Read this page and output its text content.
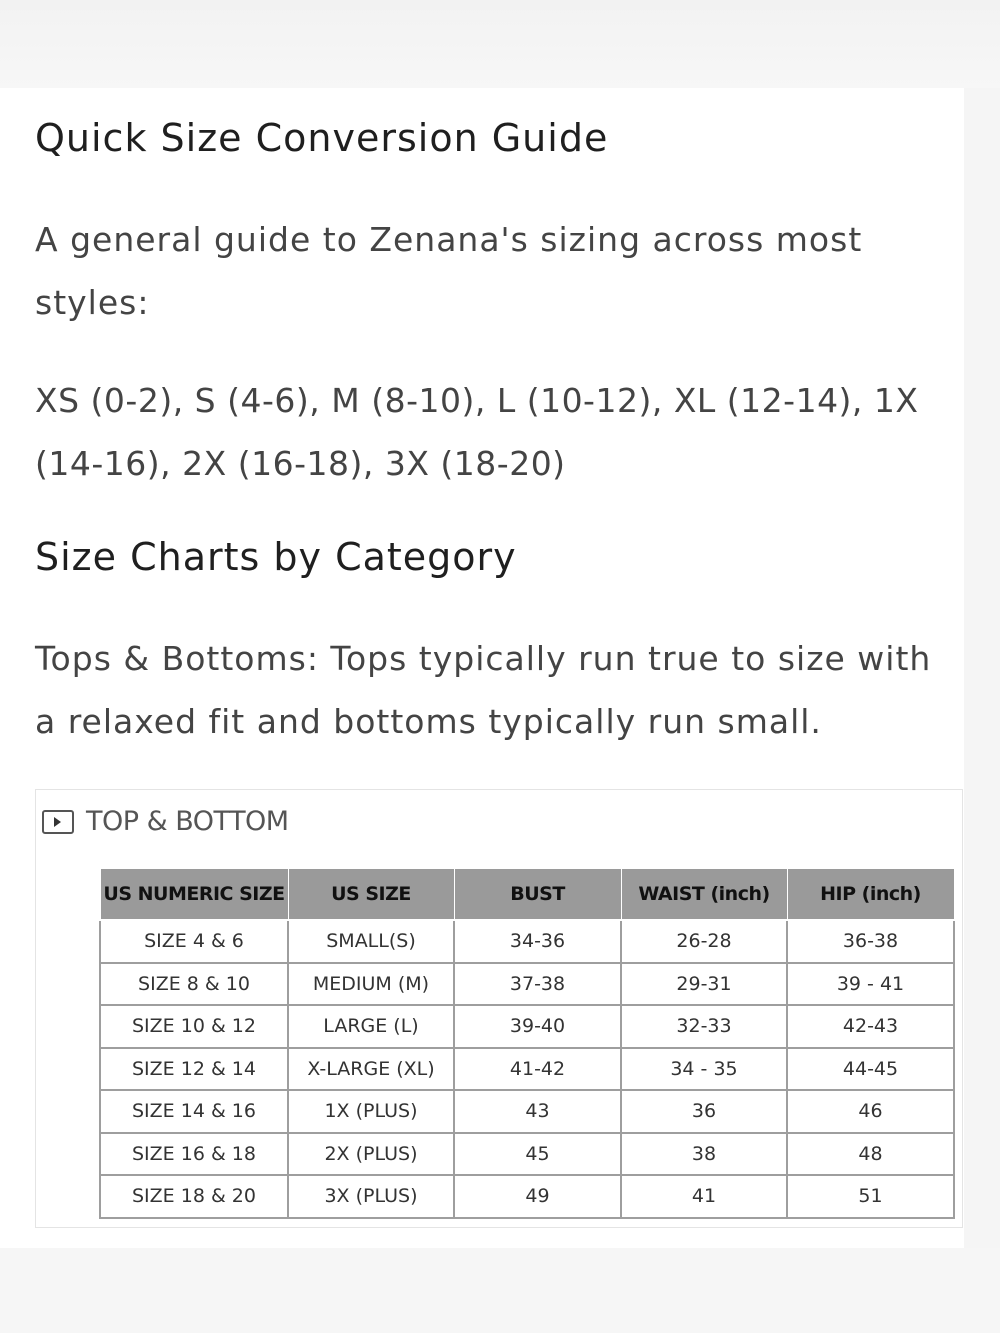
Quick Size Conversion Guide

A general guide to Zenana's sizing across most styles:

XS (0-2), S (4-6), M (8-10), L (10-12), XL (12-14), 1X (14-16), 2X (16-18), 3X (18-20)

Size Charts by Category

Tops & Bottoms: Tops typically run true to size with a relaxed fit and bottoms typically run small.

TOP & BOTTOM
US NUMERIC SIZE	US SIZE	BUST	WAIST (inch)	HIP (inch)
SIZE 4 & 6	SMALL(S)	34-36	26-28	36-38
SIZE 8 & 10	MEDIUM (M)	37-38	29-31	39 - 41
SIZE 10 & 12	LARGE (L)	39-40	32-33	42-43
SIZE 12 & 14	X-LARGE (XL)	41-42	34 - 35	44-45
SIZE 14 & 16	1X (PLUS)	43	36	46
SIZE 16 & 18	2X (PLUS)	45	38	48
SIZE 18 & 20	3X (PLUS)	49	41	51
